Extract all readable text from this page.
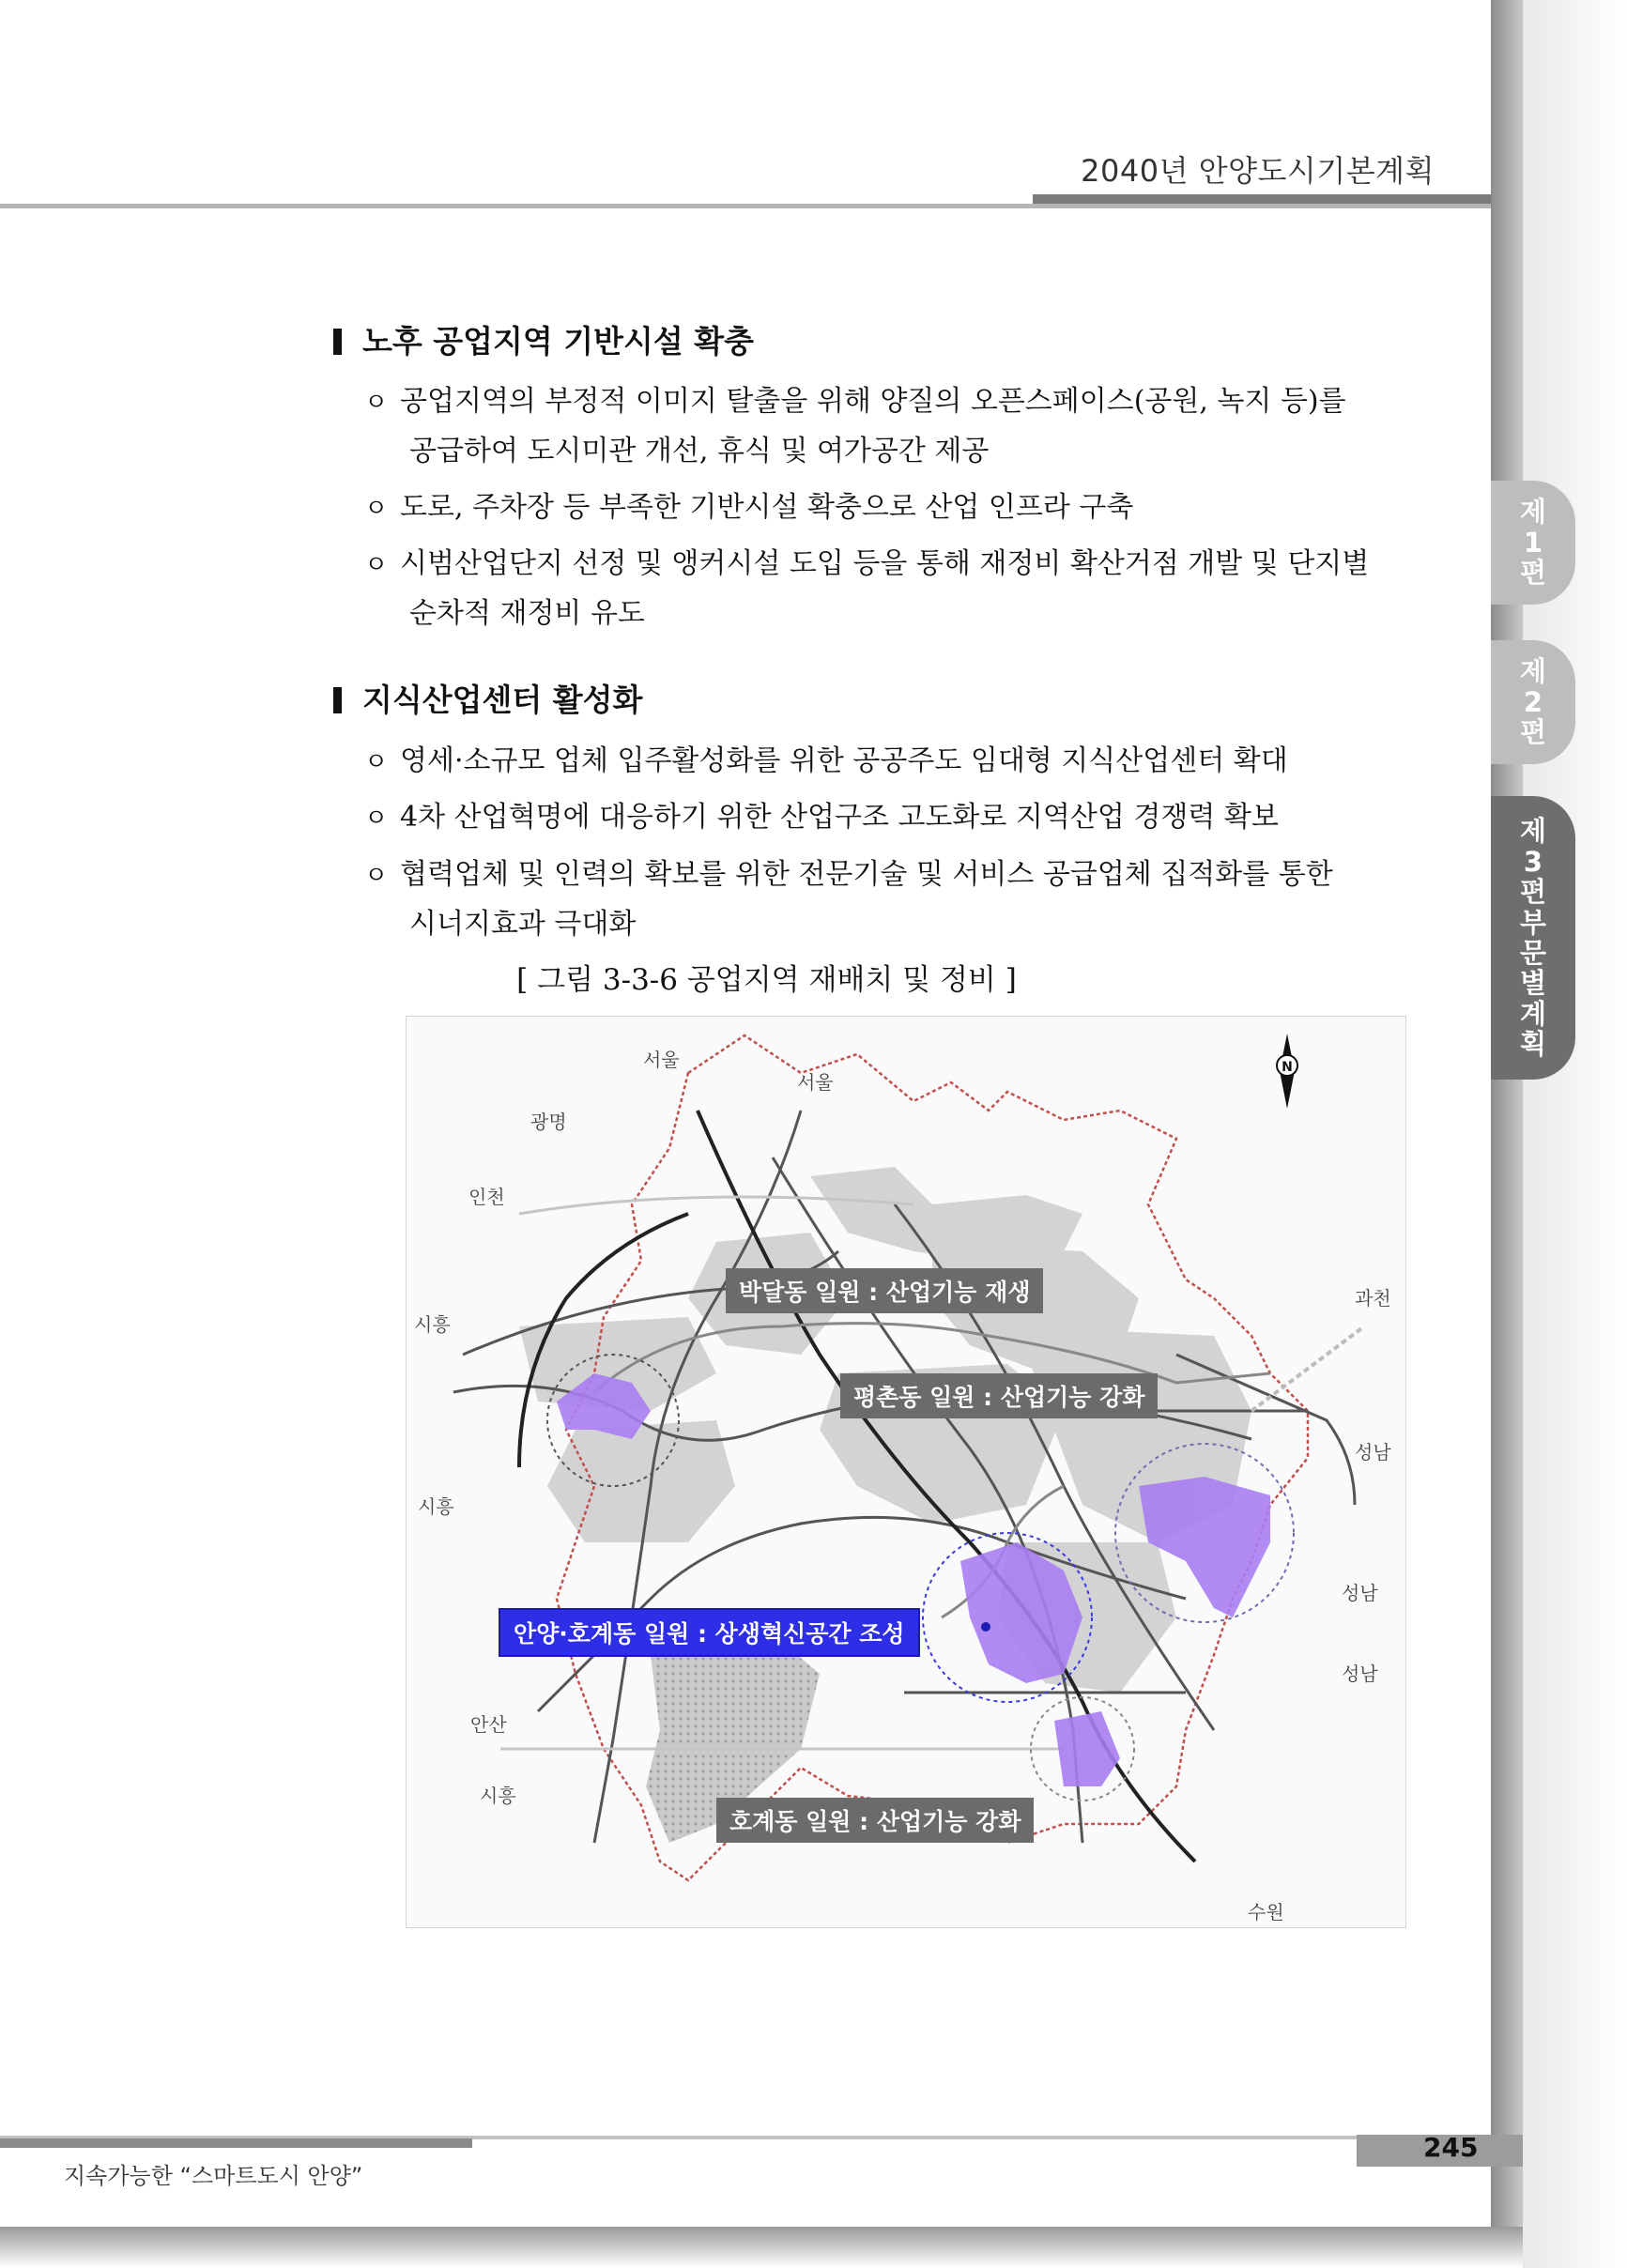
2040년 안양도시기본계획
제
1
편
제
2
편
제
3
편
부
문
별
계
획
노후 공업지역 기반시설 확충
ㅇ 공업지역의 부정적 이미지 탈출을 위해 양질의 오픈스페이스(공원, 녹지 등)를
공급하여 도시미관 개선, 휴식 및 여가공간 제공
ㅇ 도로, 주차장 등 부족한 기반시설 확충으로 산업 인프라 구축
ㅇ 시범산업단지 선정 및 앵커시설 도입 등을 통해 재정비 확산거점 개발 및 단지별
순차적 재정비 유도
지식산업센터 활성화
ㅇ 영세·소규모 업체 입주활성화를 위한 공공주도 임대형 지식산업센터 확대
ㅇ 4차 산업혁명에 대응하기 위한 산업구조 고도화로 지역산업 경쟁력 확보
ㅇ 협력업체 및 인력의 확보를 위한 전문기술 및 서비스 공급업체 집적화를 통한
시너지효과 극대화
[ 그림 3-3-6 공업지역 재배치 및 정비 ]
N
박달동 일원 : 산업기능 재생
평촌동 일원 : 산업기능 강화
안양·호계동 일원 : 상생혁신공간 조성
호계동 일원 : 산업기능 강화
서울
서울
광명
인천
시흥
시흥
안산
시흥
과천
성남
성남
성남
수원
245
지속가능한 “스마트도시 안양”
